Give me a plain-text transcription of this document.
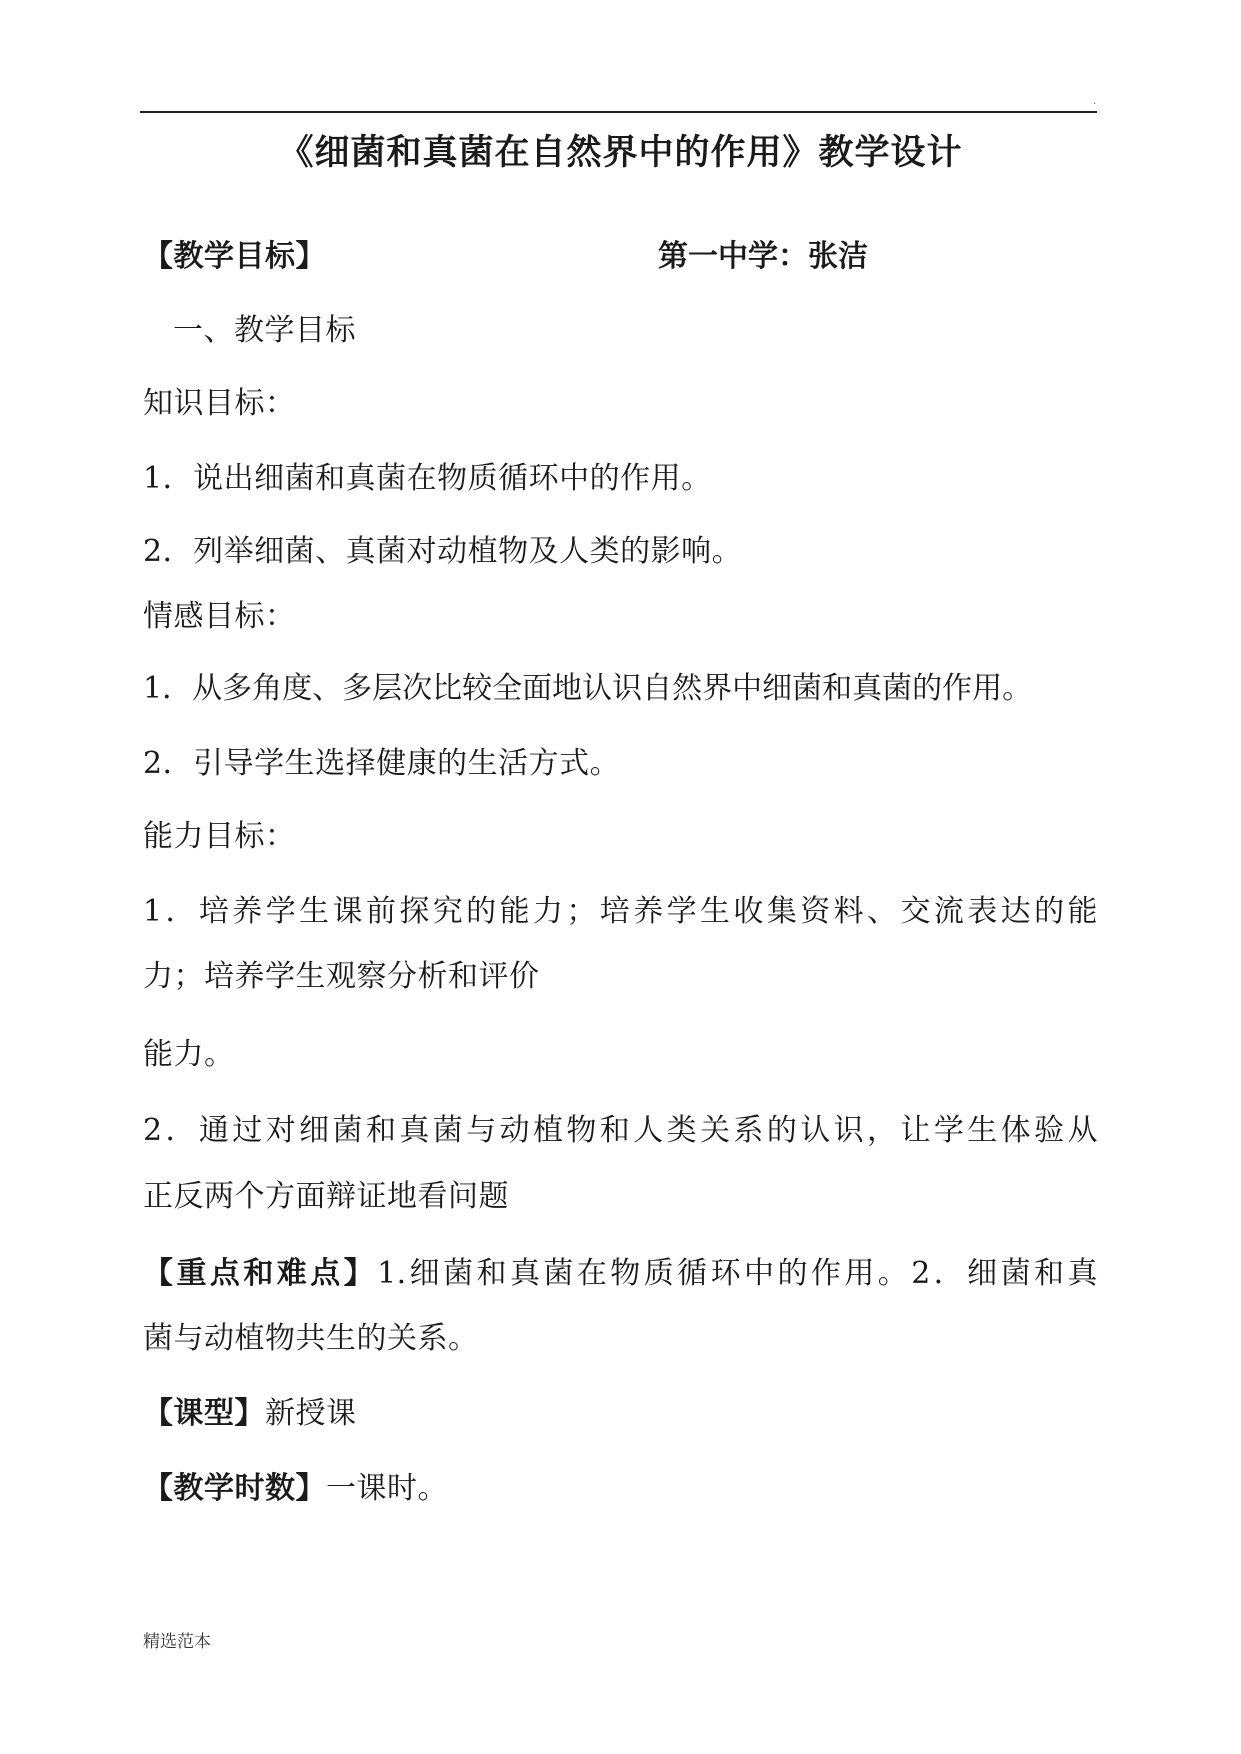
.
《细菌和真菌在自然界中的作用》教学设计
【教学目标】	第一中学：张洁
一、教学目标
知识目标：
1．说出细菌和真菌在物质循环中的作用。
2．列举细菌、真菌对动植物及人类的影响。
情感目标：
1．从多角度、多层次比较全面地认识自然界中细菌和真菌的作用。
2．引导学生选择健康的生活方式。
能力目标：
1．培养学生课前探究的能力；培养学生收集资料、交流表达的能
力；培养学生观察分析和评价
能力。
2．通过对细菌和真菌与动植物和人类关系的认识，让学生体验从
正反两个方面辩证地看问题
【重点和难点】1.细菌和真菌在物质循环中的作用。2．细菌和真
菌与动植物共生的关系。
【课型】新授课
【教学时数】一课时。
精选范本
